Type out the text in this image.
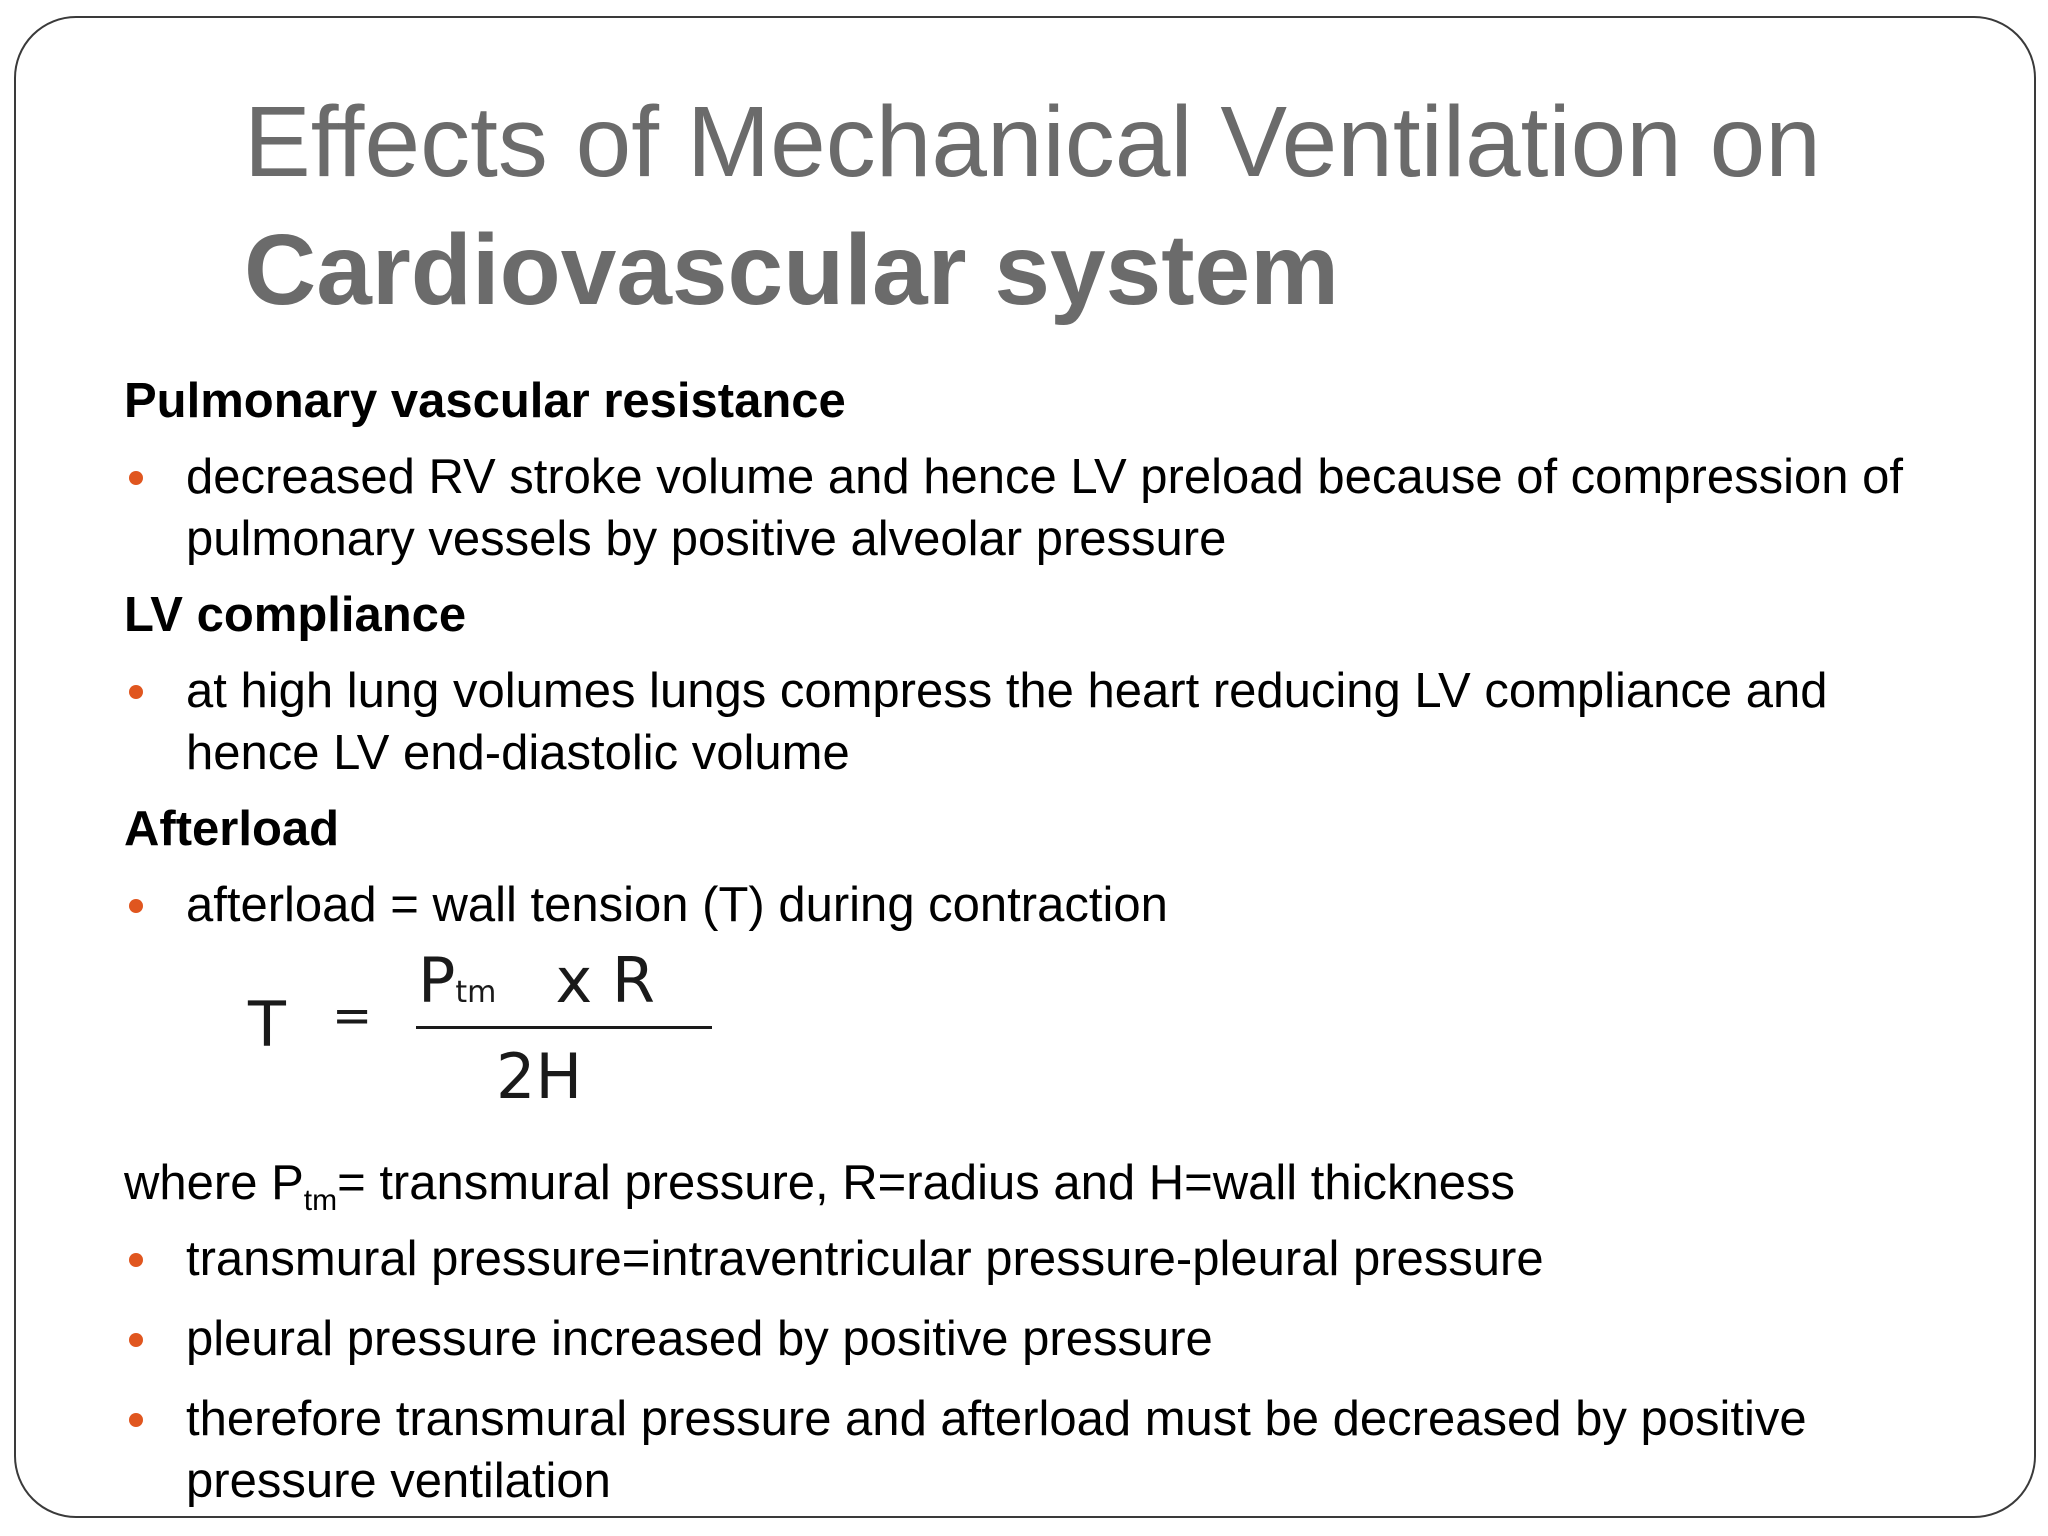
Effects of Mechanical Ventilation on
Cardiovascular system

Pulmonary vascular resistance

decreased RV stroke volume and hence LV preload because of compression of pulmonary vessels by positive alveolar pressure

LV compliance

at high lung volumes lungs compress the heart reducing LV compliance and hence LV end-diastolic volume

Afterload

afterload = wall tension (T) during contraction

T = Ptm x R
2H

where $P_{tm}=$ transmural pressure, R=radius and H=wall thickness

transmural pressure=intraventricular pressure-pleural pressure

pleural pressure increased by positive pressure

therefore transmural pressure and afterload must be decreased by positive pressure ventilation
